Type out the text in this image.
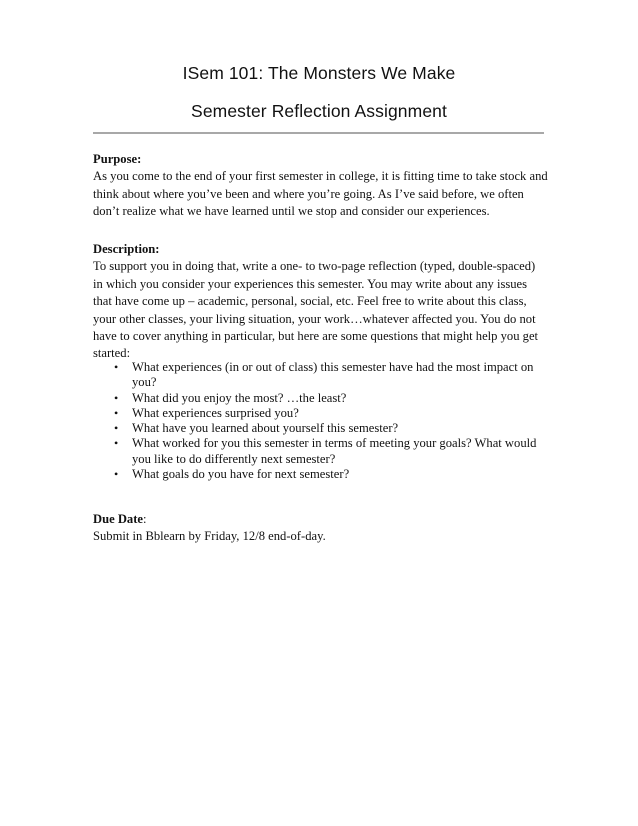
ISem 101: The Monsters We Make
Semester Reflection Assignment
Purpose:
As you come to the end of your first semester in college, it is fitting time to take stock and think about where you’ve been and where you’re going. As I’ve said before, we often don’t realize what we have learned until we stop and consider our experiences.
Description:
To support you in doing that, write a one- to two-page reflection (typed, double-spaced) in which you consider your experiences this semester. You may write about any issues that have come up – academic, personal, social, etc. Feel free to write about this class, your other classes, your living situation, your work…whatever affected you. You do not have to cover anything in particular, but here are some questions that might help you get started:
• What experiences (in or out of class) this semester have had the most impact on you?
• What did you enjoy the most? …the least?
• What experiences surprised you?
• What have you learned about yourself this semester?
• What worked for you this semester in terms of meeting your goals? What would you like to do differently next semester?
• What goals do you have for next semester?
Due Date:
Submit in Bblearn by Friday, 12/8 end-of-day.
